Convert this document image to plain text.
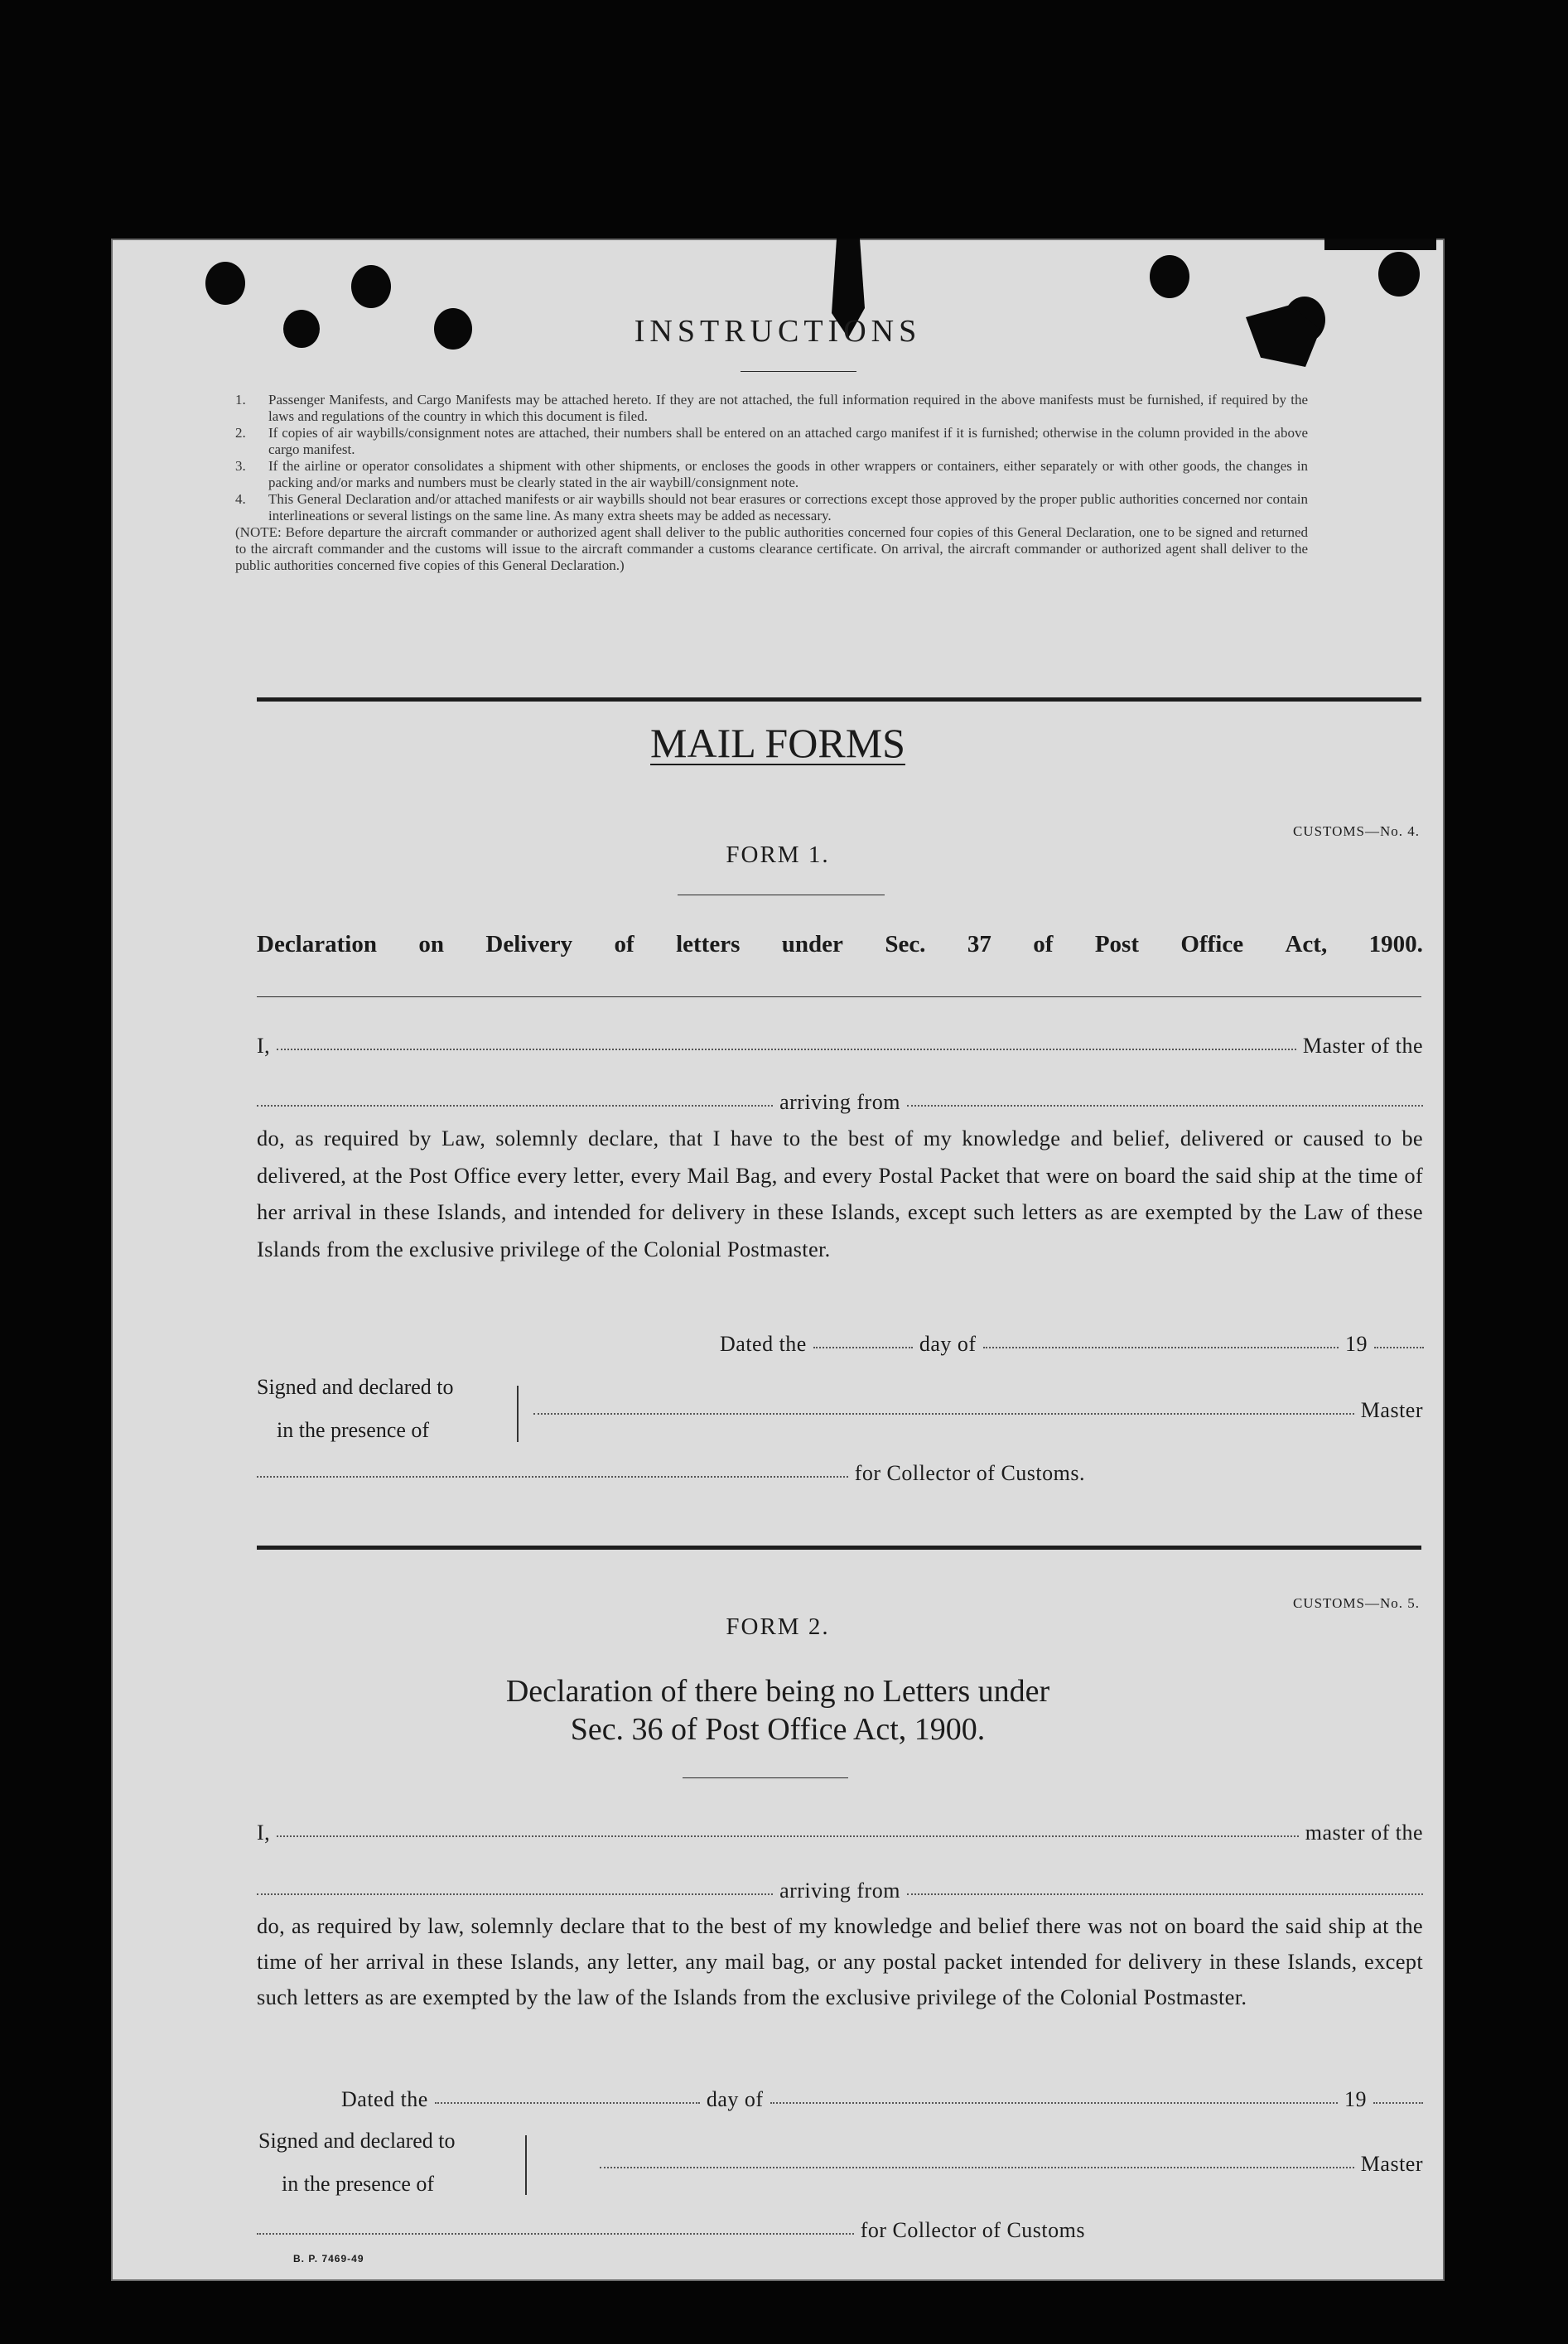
INSTRUCTIONS
1.	Passenger Manifests, and Cargo Manifests may be attached hereto. If they are not attached, the full information required in the above manifests must be furnished, if required by the laws and regulations of the country in which this document is filed.
2.	If copies of air waybills/consignment notes are attached, their numbers shall be entered on an attached cargo manifest if it is furnished; otherwise in the column provided in the above cargo manifest.
3.	If the airline or operator consolidates a shipment with other shipments, or encloses the goods in other wrappers or containers, either separately or with other goods, the changes in packing and/or marks and numbers must be clearly stated in the air waybill/consignment note.
4.	This General Declaration and/or attached manifests or air waybills should not bear erasures or corrections except those approved by the proper public authorities concerned nor contain interlineations or several listings on the same line. As many extra sheets may be added as necessary.
(NOTE: Before departure the aircraft commander or authorized agent shall deliver to the public authorities concerned four copies of this General Declaration, one to be signed and returned to the aircraft commander and the customs will issue to the aircraft commander a customs clearance certificate. On arrival, the aircraft commander or authorized agent shall deliver to the public authorities concerned five copies of this General Declaration.)
MAIL FORMS
CUSTOMS—No. 4.
FORM 1.
Declaration on Delivery of letters under Sec. 37 of Post Office Act, 1900.
I,	Master of the
arriving from
do, as required by Law, solemnly declare, that I have to the best of my knowledge and belief, delivered or caused to be delivered, at the Post Office every letter, every Mail Bag, and every Postal Packet that were on board the said ship at the time of her arrival in these Islands, and intended for delivery in these Islands, except such letters as are exempted by the Law of these Islands from the exclusive privilege of the Colonial Postmaster.
Dated the	day of	19
Signed and declared to
in the presence of
Master
for Collector of Customs.
CUSTOMS—No. 5.
FORM 2.
Declaration of there being no Letters under
Sec. 36 of Post Office Act, 1900.
I,	master of the
arriving from
do, as required by law, solemnly declare that to the best of my knowledge and belief there was not on board the said ship at the time of her arrival in these Islands, any letter, any mail bag, or any postal packet intended for delivery in these Islands, except such letters as are exempted by the law of the Islands from the exclusive privilege of the Colonial Postmaster.
Dated the	day of	19
Signed and declared to
in the presence of
Master
for Collector of Customs
B. P. 7469-49
